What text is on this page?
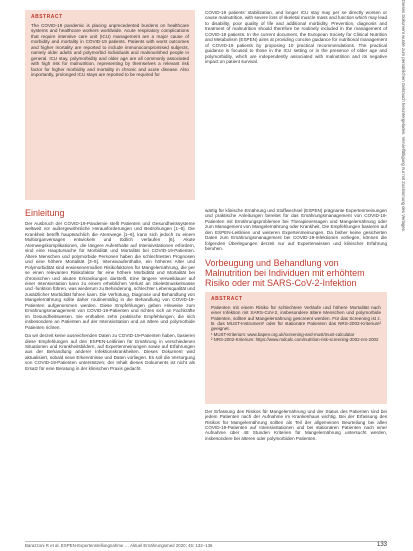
ABSTRACT
The COVID-19 pandemic is placing unprecedented burdens on healthcare systems and healthcare workers worldwide. Acute respiratory complications that require intensive care unit (ICU) management are a major cause of morbidity and mortality in COVID-19 patients. Patients with worst outcomes and higher mortality are reported to include immunocompromised subjects, namely older adults and polymorbid individuals and malnourished people in general. ICU stay, polymorbidity and older age are all commonly associated with high risk for malnutrition, representing by themselves a relevant risk factor for higher morbidity and mortality in chronic and acute disease. Also importantly, prolonged ICU stays are reported to be required for
COVID-19 patients’ stabilization, and longer ICU stay may per se directly worsen or cause malnutrition, with severe loss of skeletal muscle mass and function which may lead to disability, poor quality of life and additional morbidity. Prevention, diagnosis and treatment of malnutrition should therefore be routinely included in the management of COVID-19 patients. In the current document, the European Society for Clinical Nutrition and Metabolism (ESPEN) aims at providing concise guidance for nutritional management of COVID-19 patients by proposing 10 practical recommendations. The practical guidance is focused to those in the ICU setting or in the presence of older age and polymorbidity, which are independently associated with malnutrition and its negative impact on patient survival.
Einleitung

Der Ausbruch der COVID-19-Pandemie stellt Patienten und Gesundheitssysteme weltweit vor außergewöhnliche Herausforderungen und Bedrohungen [1–6]. Die Krankheit betrifft hauptsächlich die Atemwege [1–6], kann sich jedoch zu einem Multiorganversagen entwickeln und tödlich verlaufen [6]. Akute Atemwegskomplikationen, die längere Aufenthalte auf Intensivstationen erfordern, sind eine Hauptursache für Morbidität und Mortalität bei COVID-19-Patienten. Ältere Menschen und polymorbide Personen haben die schlechtesten Prognosen und eine höhere Mortalität [3–5]. Intensivaufenthalte, ein höheres Alter und Polymorbidität sind erwiesenermaßen Risikofaktoren für Mangelernährung, die per se einen relevanten Risikofaktor für eine höhere Morbidität und Mortalität bei chronischen und akuten Erkrankungen darstellt. Eine längere Verweildauer auf einer Intensivstation kann zu einem erheblichen Verlust an Skelettmuskelmasse und -funktion führen, was wiederum zu Behinderung, schlechter Lebensqualität und zusätzlicher Morbidität führen kann. Die Verhütung, Diagnose und Behandlung von Mangelernährung sollte daher routinemäßig in die Behandlung von COVID-19-Patienten aufgenommen werden. Diese Empfehlungen geben Hinweise zum Ernährungsmanagement von COVID-19-Patienten und richten sich an Fachkräfte im Gesundheitswesen. Sie enthalten zehn praktische Empfehlungen, die sich insbesondere an Patienten auf der Intensivstation und an ältere und polymorbide Patienten richten.

Da wir derzeit keine ausreichenden Daten zu COVID-19-Patienten haben, basieren diese Empfehlungen auf den ESPEN-Leitlinien für Ernährung in verschiedenen Situationen und Krankheitsbildern, auf Expertenmeinungen sowie auf Erfahrungen aus der Behandlung anderer Infektionskrankheiten. Dieses Dokument wird aktualisiert, sobald neue Erkenntnisse und Daten vorliegen. Es soll die Versorgung von COVID-19-Patienten unterstützen; der Inhalt dieses Dokuments ist nicht als Ersatz für eine Beratung in der klinischen Praxis gedacht.

wärtig für klinische Ernährung und Stoffwechsel (ESPEN) prägnante Expertenmeinungen und praktische Anleitungen bereitet für das Ernährungsmanagement von COVID-19-Patienten mit Ernährungsproblemen bei Therapieversagen und Mangelernährung oder zum Management von Mangelernährung oder Krankheit. Die Empfehlungen basieren auf den ESPEN-Leitlinien und weiteren Expertenmeinungen. Da bisher keine gesicherten Daten zum Ernährungsmanagement bei COVID-19-Infektionen vorliegen, können die folgenden Überlegungen derzeit nur auf Expertenwissen und klinischer Erfahrung beruhen.
Vorbeugung und Behandlung von Malnutrition bei Individuen mit erhöhtem Risiko oder mit SARS-CoV-2-Infektion
ABSTRACT
Patienten mit einem Risiko für schlechtere Verläufe und höhere Mortalität nach einer Infektion mit SARS-CoV-2, insbesondere ältere Menschen und polymorbide Patienten, sollten auf Mangelernährung gescreent werden. Für das Screening ist z. B. das MUST-Instrument¹ oder für stationäre Patienten das NRS-2002-Kriterium² geeignet.
¹ MUST-Kriterium: www.bapen.org.uk/screening-and-must/must-calculator
² NRS-2002-Kriterium: https://www.mdcalc.com/nutrition-risk-screening-2002-nrs-2002
Der Erfassung des Risikos für Mangelernährung und der Status des Patienten sind bei jedem Patienten nach der Aufnahme im Krankenhaus wichtig. Bei der Erfassung des Risikos für Mangelernährung sollten als Teil der allgemeinen Beurteilung bei allen COVID-19-Patienten auf Intensivstationen und bei stationären Patienten nach einer Aufnahme über 48 Stunden Kriterien für Mangelernährung untersucht werden, insbesondere bei älteren oder polymorbiden Patienten.
Barazzoni R et al. ESPEN-Expertenstellungnahme … Aktuel Ernährungsmed 2020; 45: 132–136	133
Dieses Dokument wurde zum persönlichen Gebrauch heruntergeladen. Vervielfältigung nur mit Zustimmung des Verlages.
